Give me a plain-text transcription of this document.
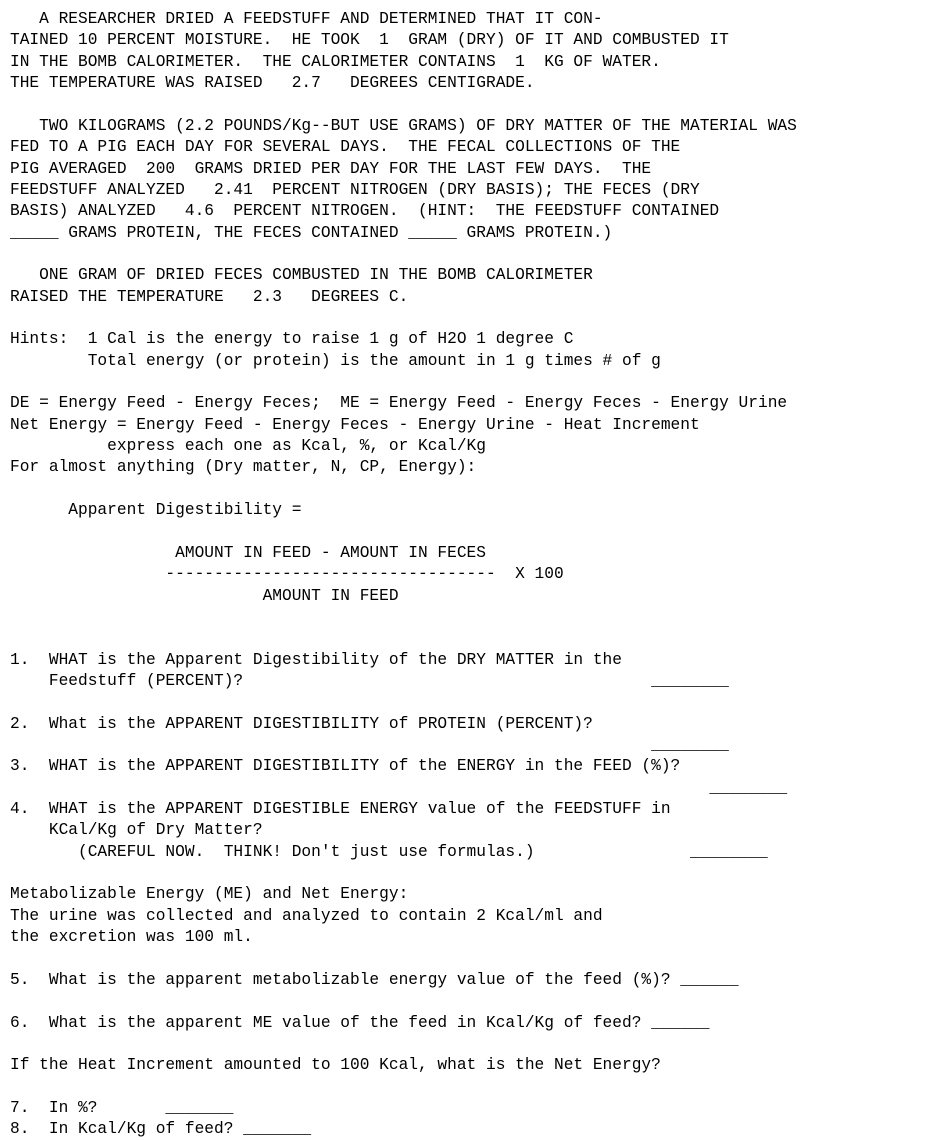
A RESEARCHER DRIED A FEEDSTUFF AND DETERMINED THAT IT CON-
TAINED 10 PERCENT MOISTURE.  HE TOOK  1  GRAM (DRY) OF IT AND COMBUSTED IT
IN THE BOMB CALORIMETER.  THE CALORIMETER CONTAINS  1  KG OF WATER.
THE TEMPERATURE WAS RAISED   2.7   DEGREES CENTIGRADE.
TWO KILOGRAMS (2.2 POUNDS/Kg--BUT USE GRAMS) OF DRY MATTER OF THE MATERIAL WAS
FED TO A PIG EACH DAY FOR SEVERAL DAYS.  THE FECAL COLLECTIONS OF THE
PIG AVERAGED  200  GRAMS DRIED PER DAY FOR THE LAST FEW DAYS.  THE
FEEDSTUFF ANALYZED   2.41  PERCENT NITROGEN (DRY BASIS); THE FECES (DRY
BASIS) ANALYZED   4.6  PERCENT NITROGEN.  (HINT:  THE FEEDSTUFF CONTAINED
_____ GRAMS PROTEIN, THE FECES CONTAINED _____ GRAMS PROTEIN.)
ONE GRAM OF DRIED FECES COMBUSTED IN THE BOMB CALORIMETER
RAISED THE TEMPERATURE   2.3   DEGREES C.
Hints:  1 Cal is the energy to raise 1 g of H2O 1 degree C
Total energy (or protein) is the amount in 1 g times # of g
DE = Energy Feed - Energy Feces;  ME = Energy Feed - Energy Feces - Energy Urine
Net Energy = Energy Feed - Energy Feces - Energy Urine - Heat Increment
express each one as Kcal, %, or Kcal/Kg
For almost anything (Dry matter, N, CP, Energy):
Apparent Digestibility =
AMOUNT IN FEED - AMOUNT IN FECES
----------------------------------  X 100
AMOUNT IN FEED
1.  WHAT is the Apparent Digestibility of the DRY MATTER in the
Feedstuff (PERCENT)?                                          ________
2.  What is the APPARENT DIGESTIBILITY of PROTEIN (PERCENT)?
________
3.  WHAT is the APPARENT DIGESTIBILITY of the ENERGY in the FEED (%)?
________
4.  WHAT is the APPARENT DIGESTIBLE ENERGY value of the FEEDSTUFF in
KCal/Kg of Dry Matter?
(CAREFUL NOW.  THINK! Don't just use formulas.)                ________
Metabolizable Energy (ME) and Net Energy:
The urine was collected and analyzed to contain 2 Kcal/ml and
the excretion was 100 ml.
5.  What is the apparent metabolizable energy value of the feed (%)? ______
6.  What is the apparent ME value of the feed in Kcal/Kg of feed? ______
If the Heat Increment amounted to 100 Kcal, what is the Net Energy?
7.  In %?       _______
8.  In Kcal/Kg of feed? _______
